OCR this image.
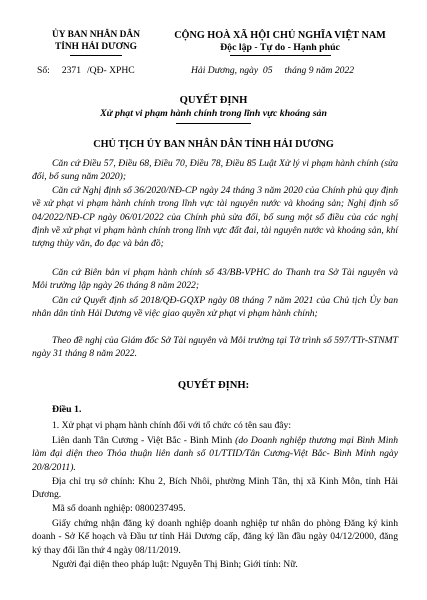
ỦY BAN NHÂN DÂN
TỈNH HẢI DƯƠNG
CỘNG HOÀ XÃ HỘI CHỦ NGHĨA VIỆT NAM
Độc lập - Tự do - Hạnh phúc
Số: 2371 /QĐ- XPHC	Hải Dương, ngày  05     tháng 9 năm 2022
QUYẾT ĐỊNH
Xử phạt vi phạm hành chính trong lĩnh vực khoáng sản
CHỦ TỊCH ỦY BAN NHÂN DÂN TỈNH HẢI DƯƠNG
Căn cứ Điều 57, Điều 68, Điều 70, Điều 78, Điều 85 Luật Xử lý vi phạm hành chính (sửa đổi, bổ sung năm 2020);
Căn cứ Nghị định số 36/2020/NĐ-CP ngày 24 tháng 3 năm 2020 của Chính phủ quy định về xử phạt vi phạm hành chính trong lĩnh vực tài nguyên nước và khoáng sản; Nghị định số 04/2022/NĐ-CP ngày 06/01/2022 của Chính phủ sửa đổi, bổ sung một số điều của các nghị định về xử phạt vi phạm hành chính trong lĩnh vực đất đai, tài nguyên nước và khoáng sản, khí tượng thủy văn, đo đạc và bản đồ;
Căn cứ Biên bản vi phạm hành chính số 43/BB-VPHC do Thanh tra Sở Tài nguyên và Môi trường lập ngày 26 tháng 8 năm 2022;
Căn cứ Quyết định số 2018/QĐ-GQXP ngày 08 tháng 7 năm 2021 của Chủ tịch Ủy ban nhân dân tỉnh Hải Dương về việc giao quyền xử phạt vi phạm hành chính;
Theo đề nghị của Giám đốc Sở Tài nguyên và Môi trường tại Tờ trình số 597/TTr-STNMT ngày 31 tháng 8 năm 2022.
QUYẾT ĐỊNH:
Điều 1.
1. Xử phạt vi phạm hành chính đối với tổ chức có tên sau đây:
Liên danh Tân Cương - Việt Bắc - Bình Minh (do Doanh nghiệp thương mại Bình Minh làm đại diện theo Thỏa thuận liên danh số 01/TTID/Tân Cương-Việt Bắc- Bình Minh ngày 20/8/2011).
Địa chỉ trụ sở chính: Khu 2, Bích Nhôi, phường Minh Tân, thị xã Kinh Môn, tỉnh Hải Dương.
Mã số doanh nghiệp: 0800237495.
Giấy chứng nhận đăng ký doanh nghiệp doanh nghiệp tư nhân do phòng Đăng ký kinh doanh - Sở Kế hoạch và Đầu tư tỉnh Hải Dương cấp, đăng ký lần đầu ngày 04/12/2000, đăng ký thay đổi lần thứ 4 ngày 08/11/2019.
Người đại diện theo pháp luật: Nguyễn Thị Bình; Giới tính: Nữ.
